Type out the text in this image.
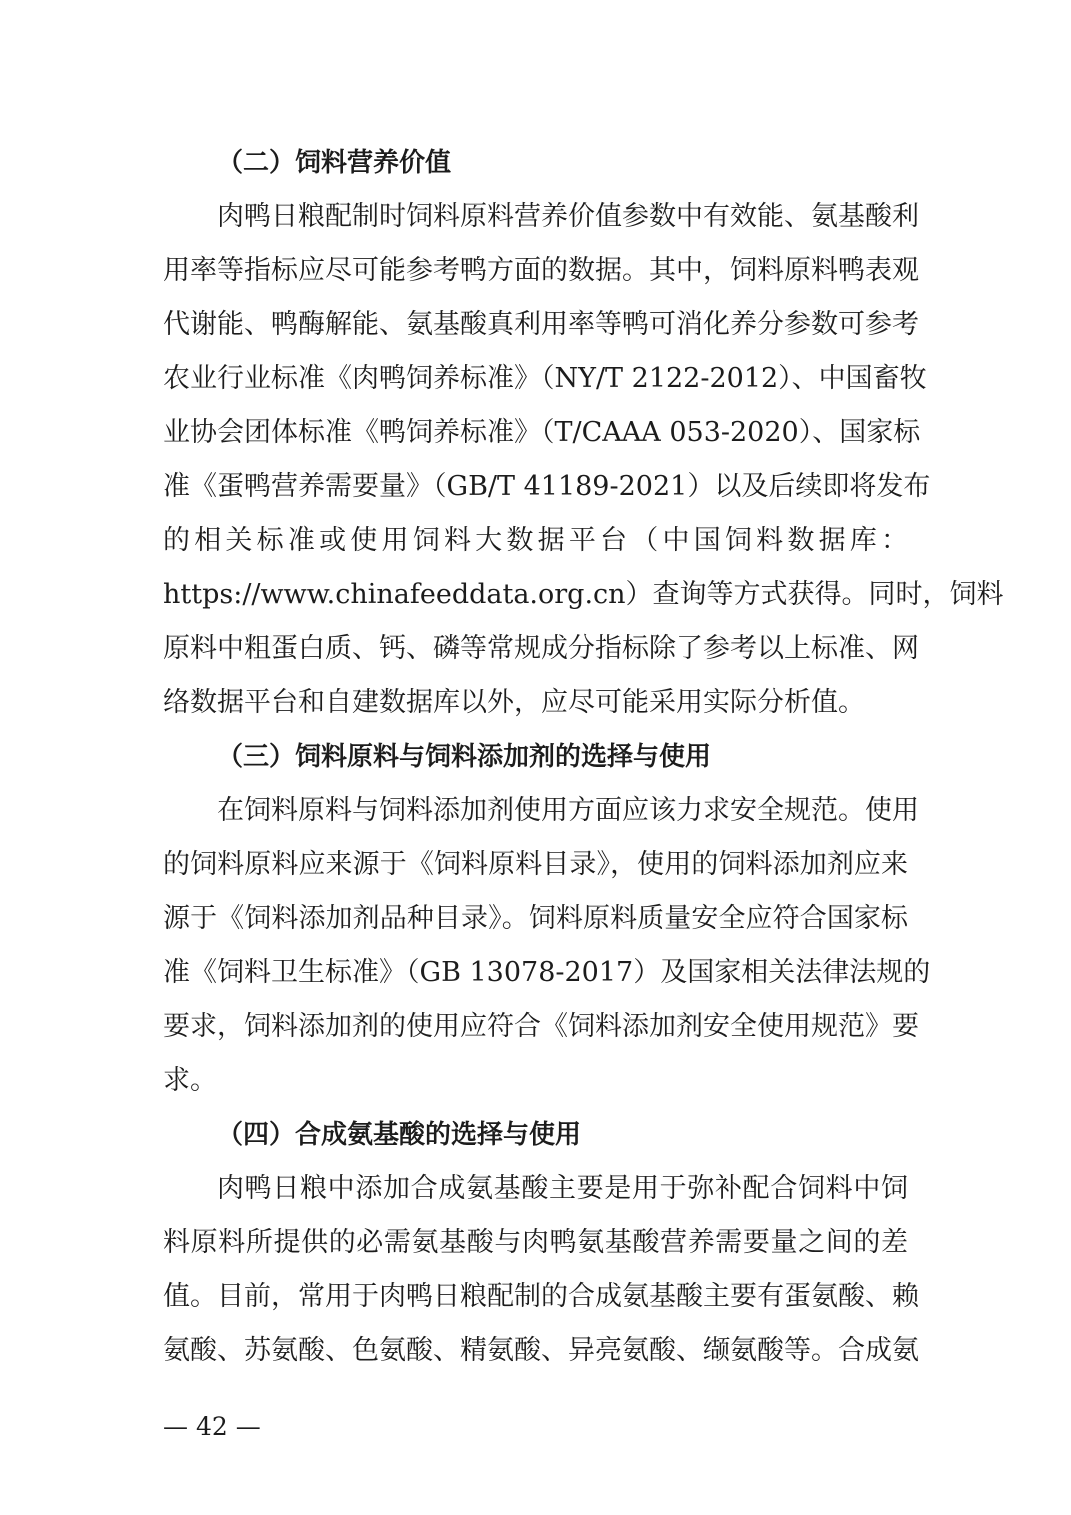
（二）饲料营养价值
肉鸭日粮配制时饲料原料营养价值参数中有效能、氨基酸利
用率等指标应尽可能参考鸭方面的数据。其中，饲料原料鸭表观
代谢能、鸭酶解能、氨基酸真利用率等鸭可消化养分参数可参考
农业行业标准《肉鸭饲养标准》（NY/T 2122-2012）、中国畜牧
业协会团体标准《鸭饲养标准》（T/CAAA 053-2020）、国家标
准《蛋鸭营养需要量》（GB/T 41189-2021）以及后续即将发布
的相关标准或使用饲料大数据平台（中国饲料数据库：
https://www.chinafeeddata.org.cn）查询等方式获得。同时，饲料
原料中粗蛋白质、钙、磷等常规成分指标除了参考以上标准、网
络数据平台和自建数据库以外，应尽可能采用实际分析值。
（三）饲料原料与饲料添加剂的选择与使用
在饲料原料与饲料添加剂使用方面应该力求安全规范。使用
的饲料原料应来源于《饲料原料目录》，使用的饲料添加剂应来
源于《饲料添加剂品种目录》。饲料原料质量安全应符合国家标
准《饲料卫生标准》（GB 13078-2017）及国家相关法律法规的
要求，饲料添加剂的使用应符合《饲料添加剂安全使用规范》要
求。
（四）合成氨基酸的选择与使用
肉鸭日粮中添加合成氨基酸主要是用于弥补配合饲料中饲
料原料所提供的必需氨基酸与肉鸭氨基酸营养需要量之间的差
值。目前，常用于肉鸭日粮配制的合成氨基酸主要有蛋氨酸、赖
氨酸、苏氨酸、色氨酸、精氨酸、异亮氨酸、缬氨酸等。合成氨
— 42 —
